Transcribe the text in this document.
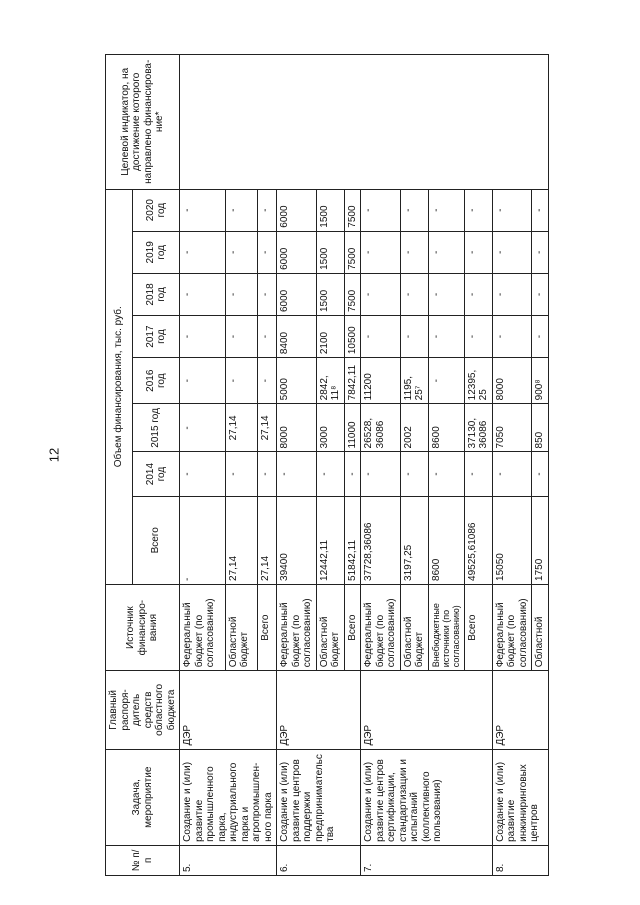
12
№ п/п	Задача, мероприятие	Главный распоря-дитель средств областного бюджета	Источник финансиро-вания	Объем финансирования, тыс. руб.								Целевой индикатор, на достижение которого направлено финансирова-ние*
				Всего	2014 год	2015 год	2016 год	2017 год	2018 год	2019 год	2020 год	
5.	Создание и (или) развитие промышленного парка, индустриального парка и агропромышлен-ного парка	ДЭР	Федеральный бюджет (по согласованию)	-	-	-	-	-	-	-	-	
			Областной бюджет	27,14	-	27,14	-	-	-	-	-	
			Всего	27,14	-	27,14	-	-	-	-	-	
6.	Создание и (или) развитие центров поддержки предпринимательства	ДЭР	Федеральный бюджет (по согласованию)	39400	-	8000	5000	8400	6000	6000	6000	
			Областной бюджет	12442,11	-	3000	2842, 11⁸	2100	1500	1500	1500	
			Всего	51842,11	-	11000	7842,11	10500	7500	7500	7500	
7.	Создание и (или) развитие центров сертификации, стандартизации и испытаний (коллективного пользования)	ДЭР	Федеральный бюджет (по согласованию)	37728,36086	-	26528, 36086	11200	-	-	-	-	
			Областной бюджет	3197,25	-	2002	1195, 25⁷	-	-	-	-	
			Внебюджетные источники (по согласованию)	8600	-	8600	-	-	-	-	-	
			Всего	49525,61086	-	37130, 36086	12395, 25	-	-	-	-	
8.	Создание и (или) развитие инжиниринговых центров	ДЭР	Федеральный бюджет (по согласованию)	15050	-	7050	8000	-	-	-	-	
			Областной	1750	-	850	900⁸	-	-	-	-	
